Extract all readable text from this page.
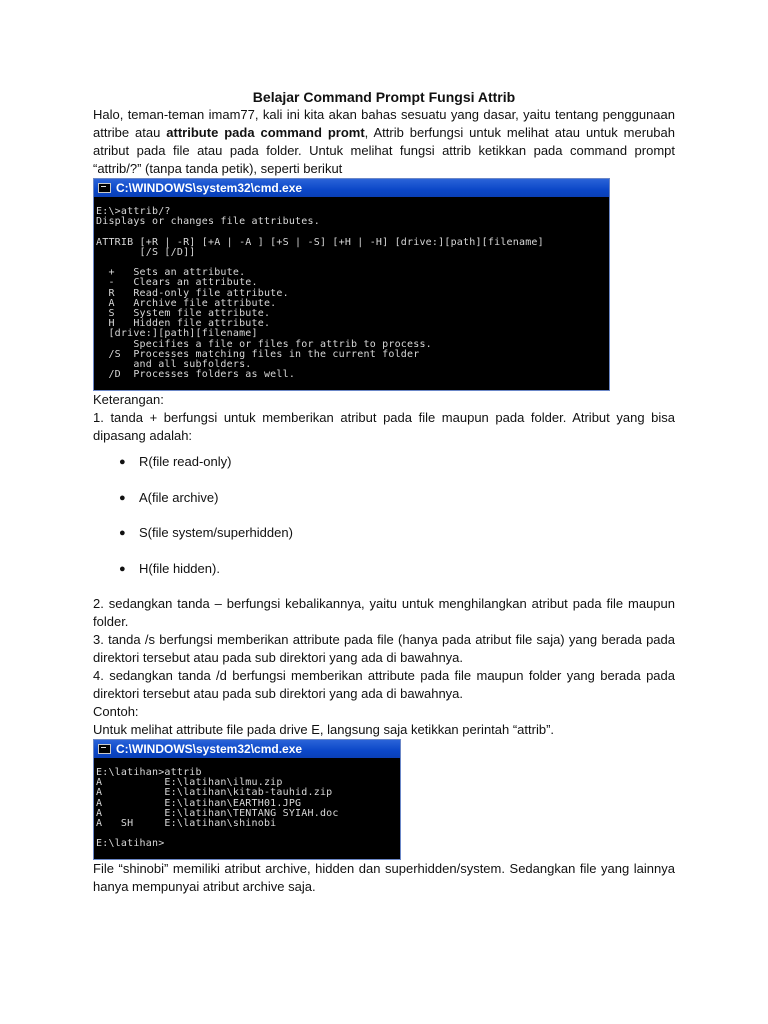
Belajar Command Prompt Fungsi Attrib

Halo, teman-teman imam77, kali ini kita akan bahas sesuatu yang dasar, yaitu tentang penggunaan attribe atau attribute pada command promt, Attrib berfungsi untuk melihat atau untuk merubah atribut pada file atau pada folder. Untuk melihat fungsi attrib ketikkan pada command prompt “attrib/?” (tanpa tanda petik), seperti berikut

C:\WINDOWS\system32\cmd.exe
E:\>attrib/?
Displays or changes file attributes.

ATTRIB [+R | -R] [+A | -A ] [+S | -S] [+H | -H] [drive:][path][filename]
[/S [/D]]

+   Sets an attribute.
-   Clears an attribute.
R   Read-only file attribute.
A   Archive file attribute.
S   System file attribute.
H   Hidden file attribute.
[drive:][path][filename]
Specifies a file or files for attrib to process.
/S  Processes matching files in the current folder
and all subfolders.
/D  Processes folders as well.

Keterangan:

1. tanda + berfungsi untuk memberikan atribut pada file maupun pada folder. Atribut yang bisa dipasang adalah:

● R(file read-only)
● A(file archive)
● S(file system/superhidden)
● H(file hidden).

2. sedangkan tanda – berfungsi kebalikannya, yaitu untuk menghilangkan atribut pada file maupun folder.

3. tanda /s berfungsi memberikan attribute pada file (hanya pada atribut file saja) yang berada pada direktori tersebut atau pada sub direktori yang ada di bawahnya.

4. sedangkan tanda /d berfungsi memberikan attribute pada file maupun folder yang berada pada direktori tersebut atau pada sub direktori yang ada di bawahnya.

Contoh:

Untuk melihat attribute file pada drive E, langsung saja ketikkan perintah “attrib”.

C:\WINDOWS\system32\cmd.exe
E:\latihan>attrib
A          E:\latihan\ilmu.zip
A          E:\latihan\kitab-tauhid.zip
A          E:\latihan\EARTH01.JPG
A          E:\latihan\TENTANG SYIAH.doc
A   SH     E:\latihan\shinobi

E:\latihan>

File “shinobi” memiliki atribut archive, hidden dan superhidden/system. Sedangkan file yang lainnya hanya mempunyai atribut archive saja.
